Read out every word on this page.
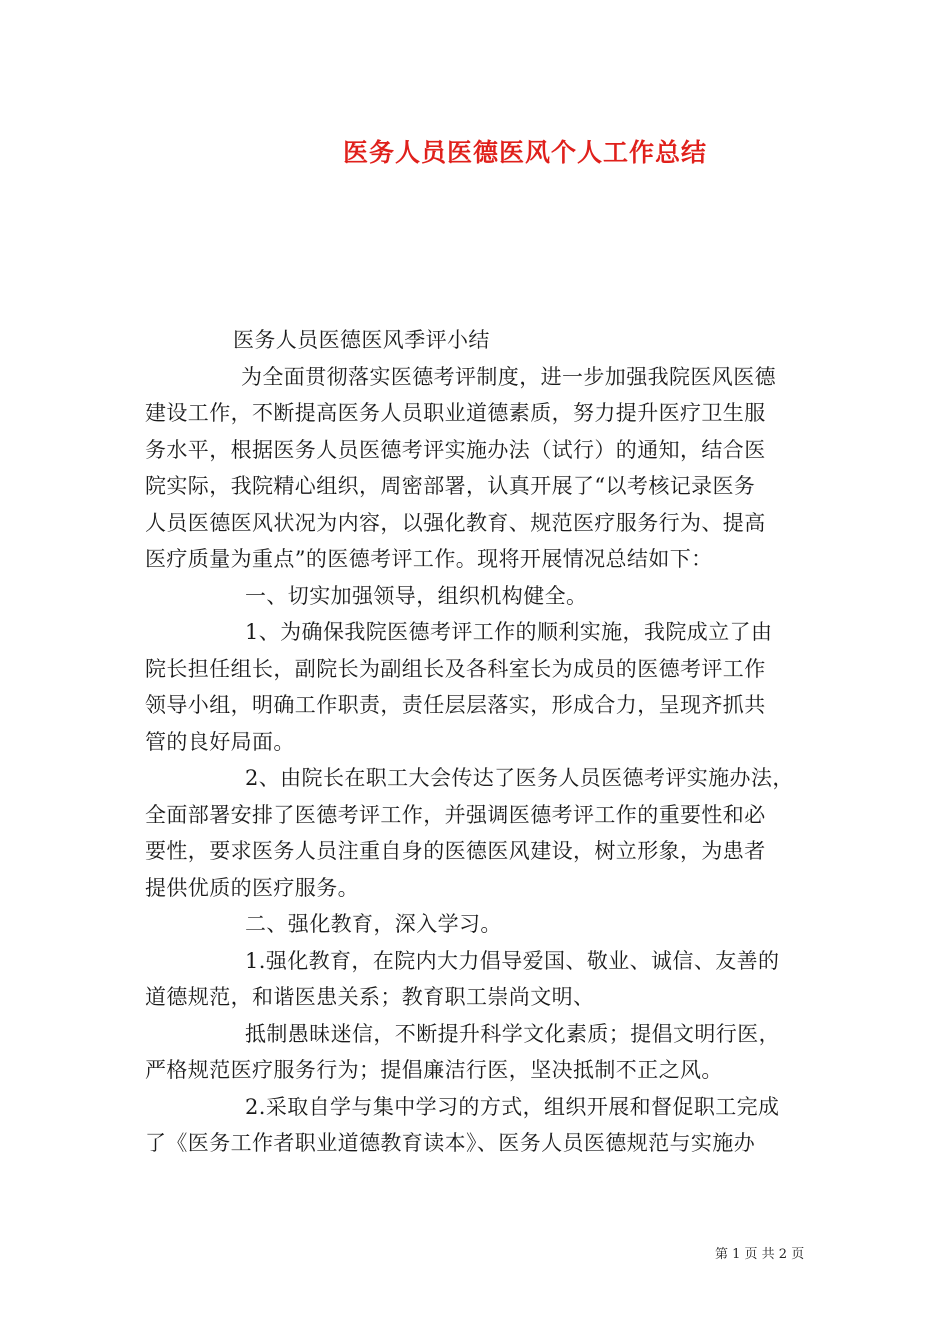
医务人员医德医风个人工作总结
医务人员医德医风季评小结
为全面贯彻落实医德考评制度，进一步加强我院医风医德
建设工作，不断提高医务人员职业道德素质，努力提升医疗卫生服
务水平，根据医务人员医德考评实施办法（试行）的通知，结合医
院实际，我院精心组织，周密部署，认真开展了“以考核记录医务
人员医德医风状况为内容，以强化教育、规范医疗服务行为、提高
医疗质量为重点”的医德考评工作。现将开展情况总结如下：
一、切实加强领导，组织机构健全。
1、为确保我院医德考评工作的顺利实施，我院成立了由
院长担任组长，副院长为副组长及各科室长为成员的医德考评工作
领导小组，明确工作职责，责任层层落实，形成合力，呈现齐抓共
管的良好局面。
2、由院长在职工大会传达了医务人员医德考评实施办法，
全面部署安排了医德考评工作，并强调医德考评工作的重要性和必
要性，要求医务人员注重自身的医德医风建设，树立形象，为患者
提供优质的医疗服务。
二、强化教育，深入学习。
1.强化教育，在院内大力倡导爱国、敬业、诚信、友善的
道德规范，和谐医患关系；教育职工崇尚文明、
抵制愚昧迷信，不断提升科学文化素质；提倡文明行医，
严格规范医疗服务行为；提倡廉洁行医，坚决抵制不正之风。
2.采取自学与集中学习的方式，组织开展和督促职工完成
了《医务工作者职业道德教育读本》、医务人员医德规范与实施办
第 1 页 共 2 页
